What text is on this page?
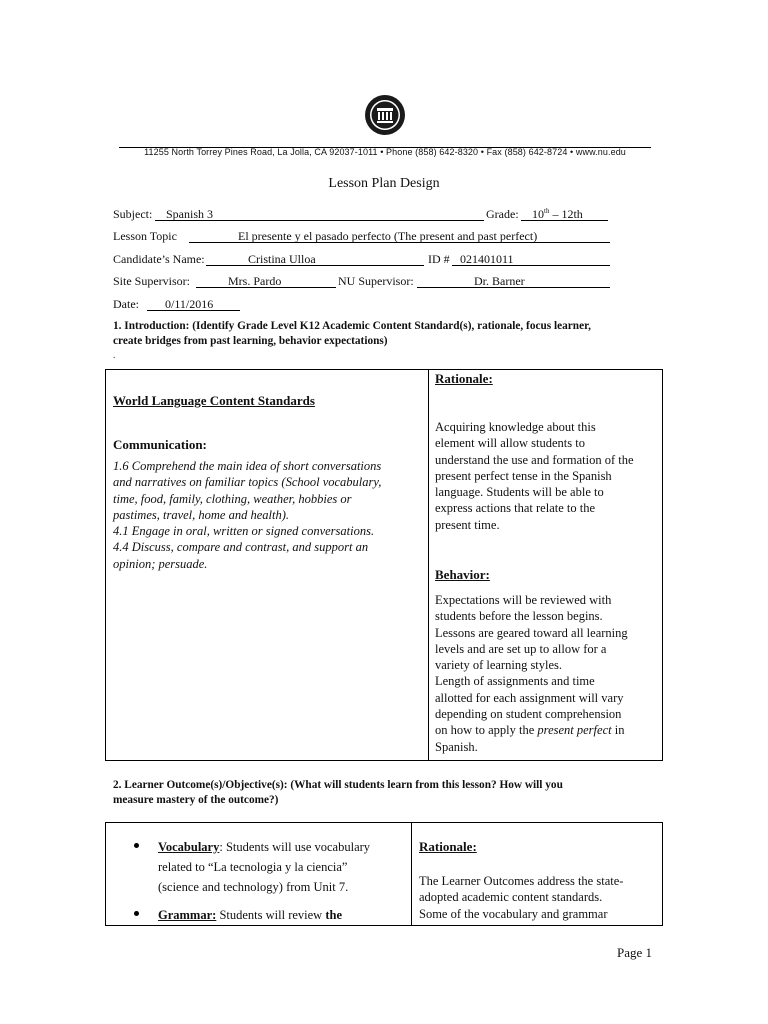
11255 North Torrey Pines Road, La Jolla, CA 92037-1011 • Phone (858) 642-8320 • Fax (858) 642-8724 • www.nu.edu
Lesson Plan Design
Subject: Spanish 3	Grade: 10th – 12th
Lesson Topic	El presente y el pasado perfecto (The present and past perfect)
Candidate’s Name:	Cristina Ulloa	ID # 021401011
Site Supervisor:	Mrs. Pardo	NU Supervisor:	Dr. Barner
Date: 0/11/2016
1. Introduction: (Identify Grade Level K12 Academic Content Standard(s), rationale, focus learner,
create bridges from past learning, behavior expectations)
.
World Language Content Standards
Communication:
1.6 Comprehend the main idea of short conversations
and narratives on familiar topics (School vocabulary,
time, food, family, clothing, weather, hobbies or
pastimes, travel, home and health).
4.1 Engage in oral, written or signed conversations.
4.4 Discuss, compare and contrast, and support an
opinion; persuade.
Rationale:
Acquiring knowledge about this
element will allow students to
understand the use and formation of the
present perfect tense in the Spanish
language. Students will be able to
express actions that relate to the
present time.
Behavior:
Expectations will be reviewed with
students before the lesson begins.
Lessons are geared toward all learning
levels and are set up to allow for a
variety of learning styles.
Length of assignments and time
allotted for each assignment will vary
depending on student comprehension
on how to apply the present perfect in
Spanish.
2. Learner Outcome(s)/Objective(s): (What will students learn from this lesson? How will you
measure mastery of the outcome?)
Vocabulary: Students will use vocabulary
related to “La tecnologia y la ciencia”
(science and technology) from Unit 7.
Grammar: Students will review the
Rationale:
The Learner Outcomes address the state-
adopted academic content standards.
Some of the vocabulary and grammar
Page 1
